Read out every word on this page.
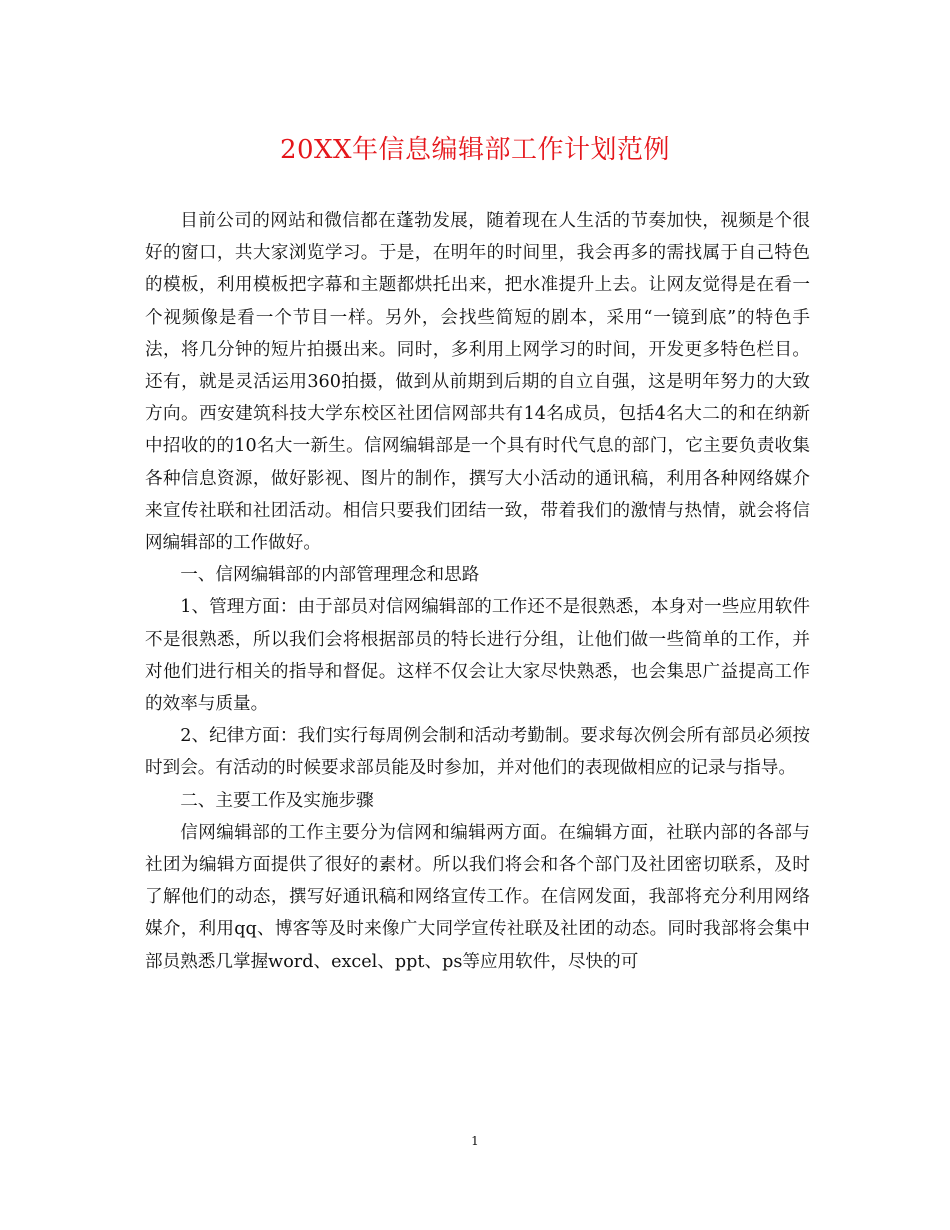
20XX年信息编辑部工作计划范例

目前公司的网站和微信都在蓬勃发展，随着现在人生活的节奏加快，视频是个很好的窗口，共大家浏览学习。于是，在明年的时间里，我会再多的需找属于自己特色的模板，利用模板把字幕和主题都烘托出来，把水准提升上去。让网友觉得是在看一个视频像是看一个节目一样。另外，会找些简短的剧本，采用“一镜到底”的特色手法，将几分钟的短片拍摄出来。同时，多利用上网学习的时间，开发更多特色栏目。还有，就是灵活运用360拍摄，做到从前期到后期的自立自强，这是明年努力的大致方向。西安建筑科技大学东校区社团信网部共有14名成员，包括4名大二的和在纳新中招收的的10名大一新生。信网编辑部是一个具有时代气息的部门，它主要负责收集各种信息资源，做好影视、图片的制作，撰写大小活动的通讯稿，利用各种网络媒介来宣传社联和社团活动。相信只要我们团结一致，带着我们的激情与热情，就会将信网编辑部的工作做好。

一、信网编辑部的内部管理理念和思路

1、管理方面：由于部员对信网编辑部的工作还不是很熟悉，本身对一些应用软件不是很熟悉，所以我们会将根据部员的特长进行分组，让他们做一些简单的工作，并对他们进行相关的指导和督促。这样不仅会让大家尽快熟悉，也会集思广益提高工作的效率与质量。

2、纪律方面：我们实行每周例会制和活动考勤制。要求每次例会所有部员必须按时到会。有活动的时候要求部员能及时参加，并对他们的表现做相应的记录与指导。

二、主要工作及实施步骤

信网编辑部的工作主要分为信网和编辑两方面。在编辑方面，社联内部的各部与社团为编辑方面提供了很好的素材。所以我们将会和各个部门及社团密切联系，及时了解他们的动态，撰写好通讯稿和网络宣传工作。在信网发面，我部将充分利用网络媒介，利用qq、博客等及时来像广大同学宣传社联及社团的动态。同时我部将会集中部员熟悉几掌握word、excel、ppt、ps等应用软件，尽快的可

1
